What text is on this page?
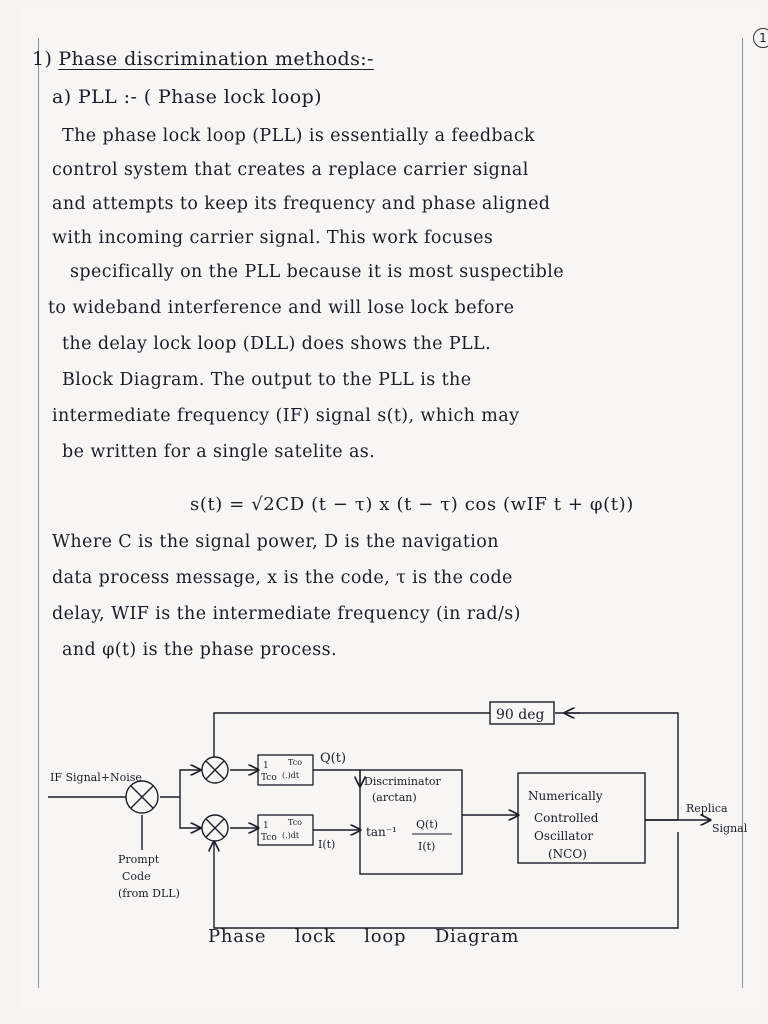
1
1) Phase discrimination methods:-
a) PLL :- ( Phase lock loop)
The phase lock loop (PLL) is essentially a feedback
control system that creates a replace carrier signal
and attempts to keep its frequency and phase aligned
with incoming carrier signal. This work focuses
specifically on the PLL because it is most suspectible
to wideband interference and will lose lock before
the delay lock loop (DLL) does shows the PLL.
Block Diagram. The output to the PLL is the
intermediate frequency (IF) signal s(t), which may
be written for a single satelite as.
s(t) = √2CD (t − τ) x (t − τ) cos (wIF t + φ(t))
Where C is the signal power, D is the navigation
data process message, x is the code, τ is the code
delay, WIF is the intermediate frequency (in rad/s)
and φ(t) is the phase process.
90 deg
1
Tco
Tco
(.)dt
1
Tco
Tco
(.)dt
Q(t)
I(t)
Discriminator
(arctan)
tan⁻¹
Q(t)
I(t)
Numerically
Controlled
Oscillator
(NCO)
IF Signal+Noise
Prompt
Code
(from DLL)
Replica
Signal
Phase lock loop Diagram
